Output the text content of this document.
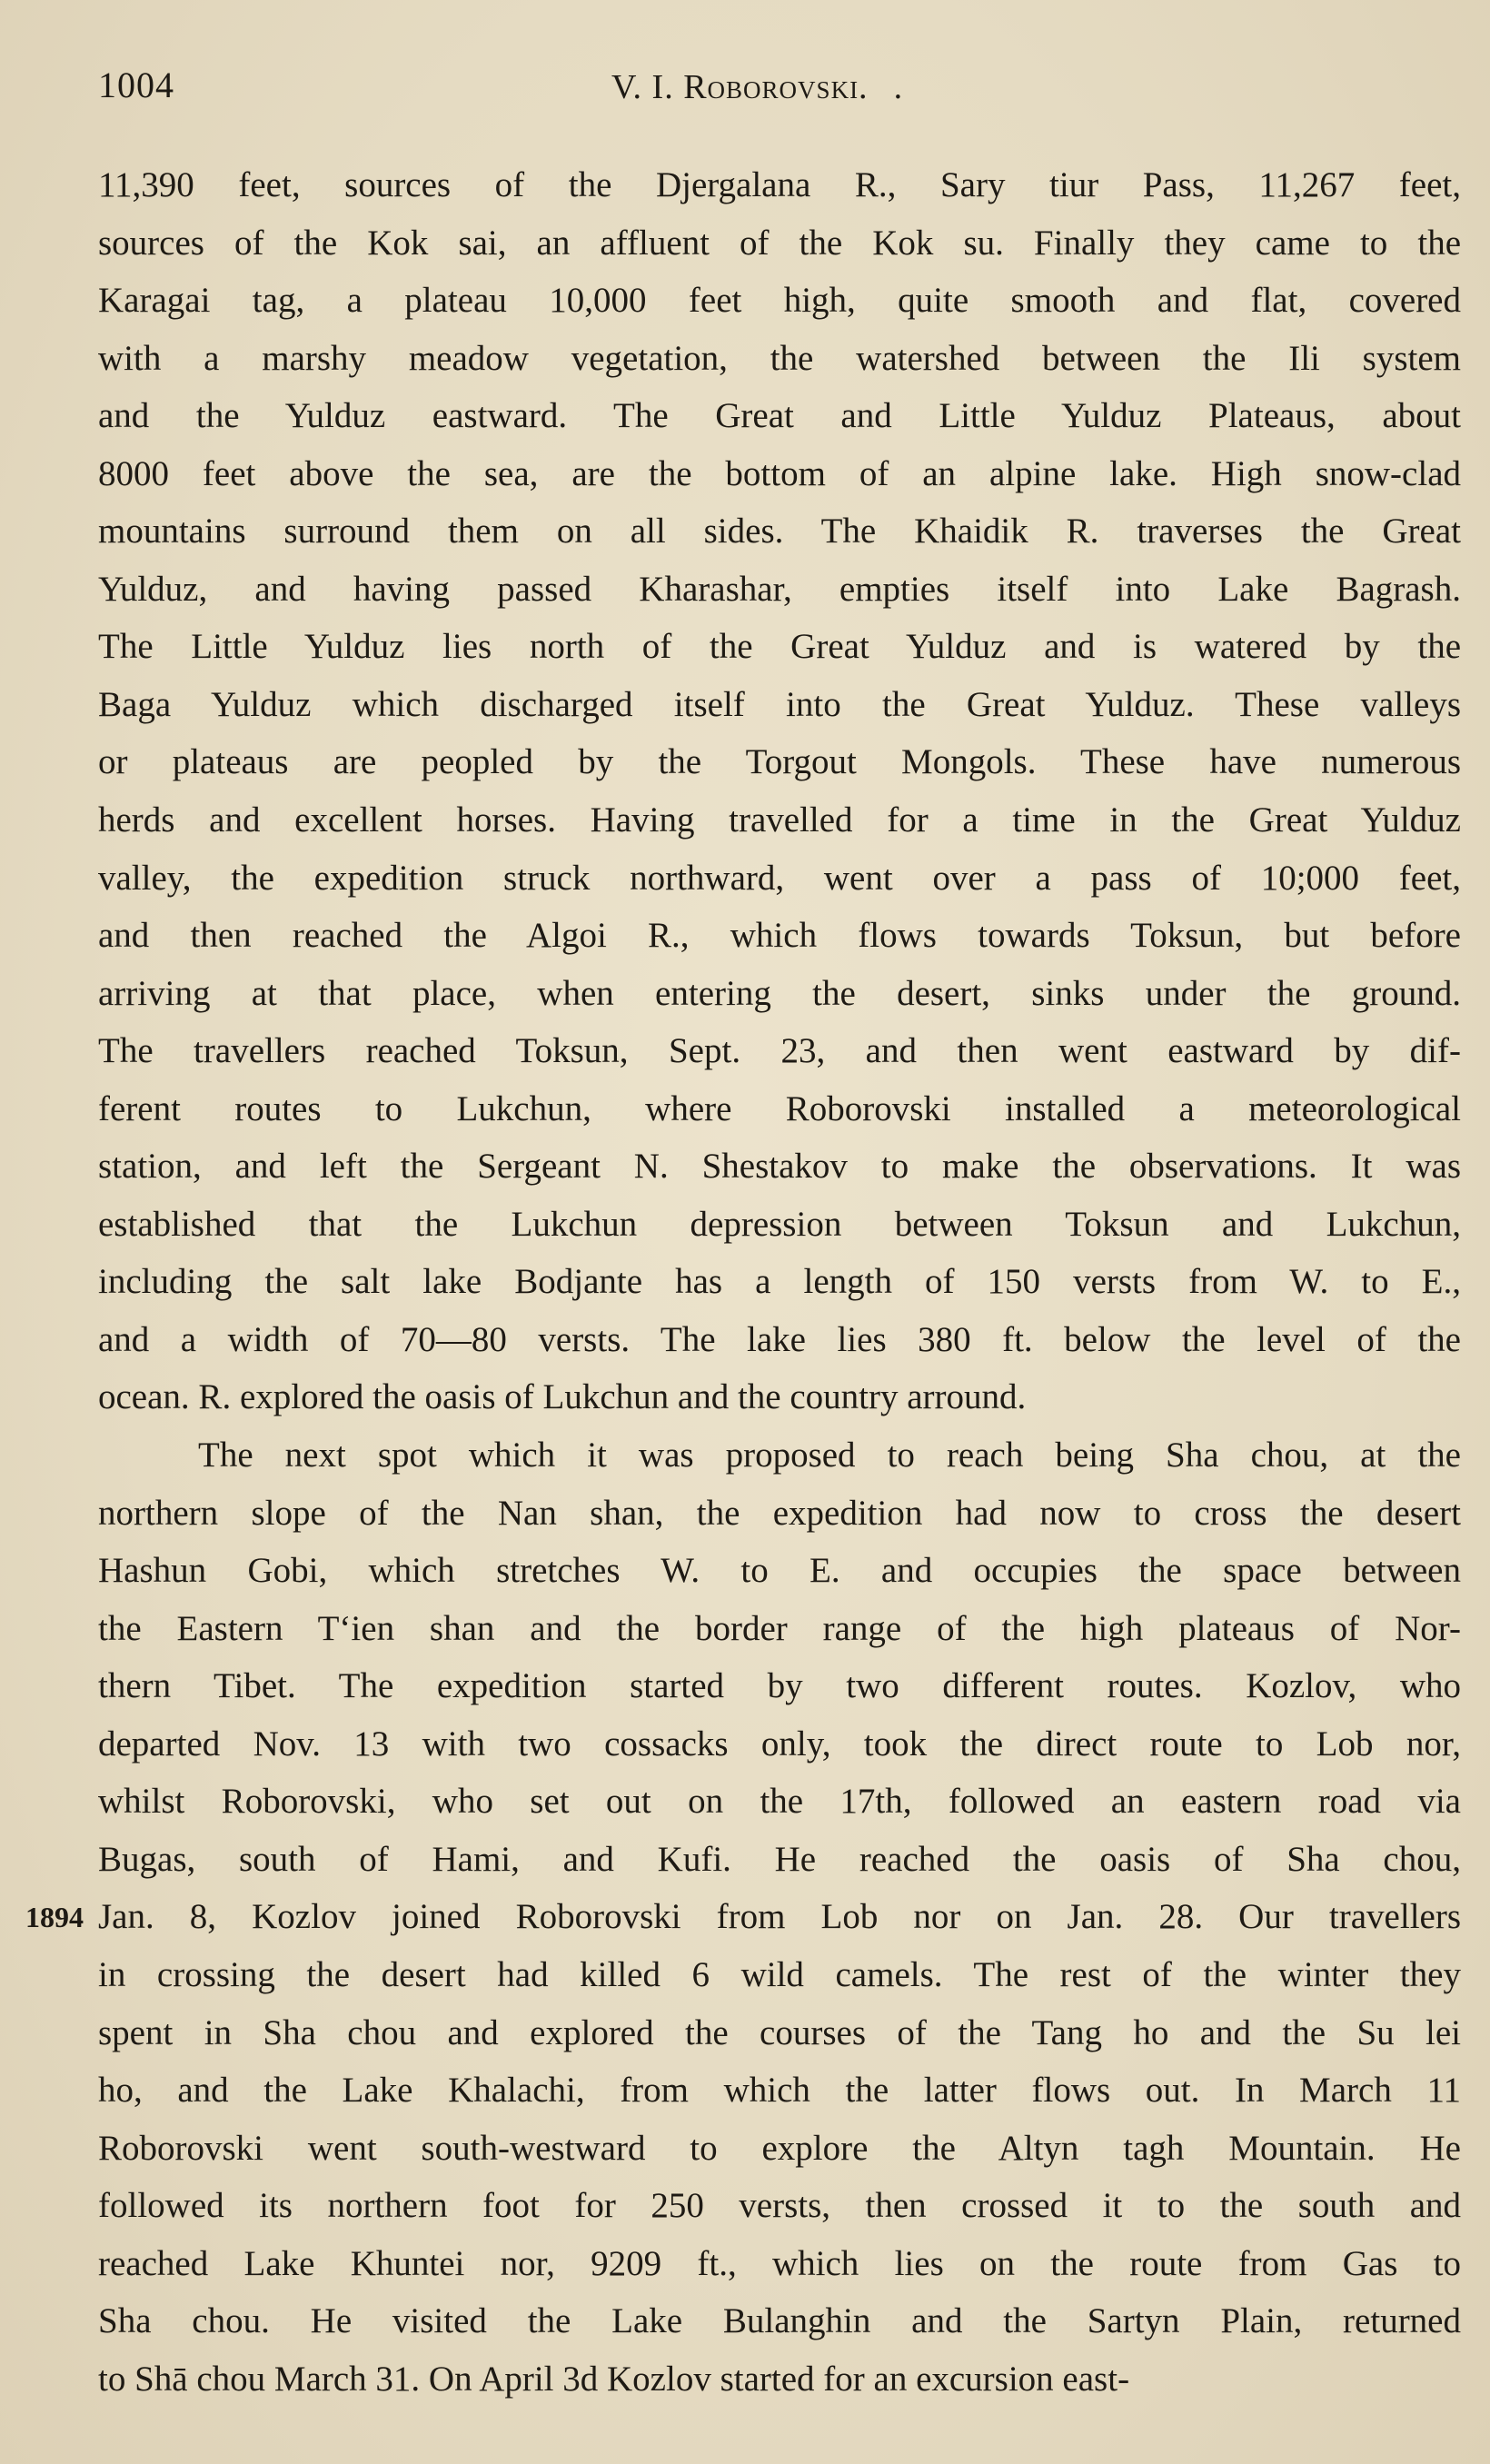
1004	V. I. Roborovski. .
1894
11,390 feet, sources of the Djergalana R., Sary tiur Pass, 11,267 feet,
sources of the Kok sai, an affluent of the Kok su. Finally they came to the
Karagai tag, a plateau 10,000 feet high, quite smooth and flat, covered
with a marshy meadow vegetation, the watershed between the Ili system
and the Yulduz eastward. The Great and Little Yulduz Plateaus, about
8000 feet above the sea, are the bottom of an alpine lake. High snow-clad
mountains surround them on all sides. The Khaidik R. traverses the Great
Yulduz, and having passed Kharashar, empties itself into Lake Bagrash.
The Little Yulduz lies north of the Great Yulduz and is watered by the
Baga Yulduz which discharged itself into the Great Yulduz. These valleys
or plateaus are peopled by the Torgout Mongols. These have numerous
herds and excellent horses. Having travelled for a time in the Great Yulduz
valley, the expedition struck northward, went over a pass of 10;000 feet,
and then reached the Algoi R., which flows towards Toksun, but before
arriving at that place, when entering the desert, sinks under the ground.
The travellers reached Toksun, Sept. 23, and then went eastward by dif-
ferent routes to Lukchun, where Roborovski installed a meteorological
station, and left the Sergeant N. Shestakov to make the observations. It was
established that the Lukchun depression between Toksun and Lukchun,
including the salt lake Bodjante has a length of 150 versts from W. to E.,
and a width of 70—80 versts. The lake lies 380 ft. below the level of the
ocean. R. explored the oasis of Lukchun and the country arround.
The next spot which it was proposed to reach being Sha chou, at the
northern slope of the Nan shan, the expedition had now to cross the desert
Hashun Gobi, which stretches W. to E. and occupies the space between
the Eastern Tʻien shan and the border range of the high plateaus of Nor-
thern Tibet. The expedition started by two different routes. Kozlov, who
departed Nov. 13 with two cossacks only, took the direct route to Lob nor,
whilst Roborovski, who set out on the 17th, followed an eastern road via
Bugas, south of Hami, and Kufi. He reached the oasis of Sha chou,
Jan. 8, Kozlov joined Roborovski from Lob nor on Jan. 28. Our travellers
in crossing the desert had killed 6 wild camels. The rest of the winter they
spent in Sha chou and explored the courses of the Tang ho and the Su lei
ho, and the Lake Khalachi, from which the latter flows out. In March 11
Roborovski went south-westward to explore the Altyn tagh Mountain. He
followed its northern foot for 250 versts, then crossed it to the south and
reached Lake Khuntei nor, 9209 ft., which lies on the route from Gas to
Sha chou. He visited the Lake Bulanghin and the Sartyn Plain, returned
to Shā chou March 31. On April 3d Kozlov started for an excursion east-
